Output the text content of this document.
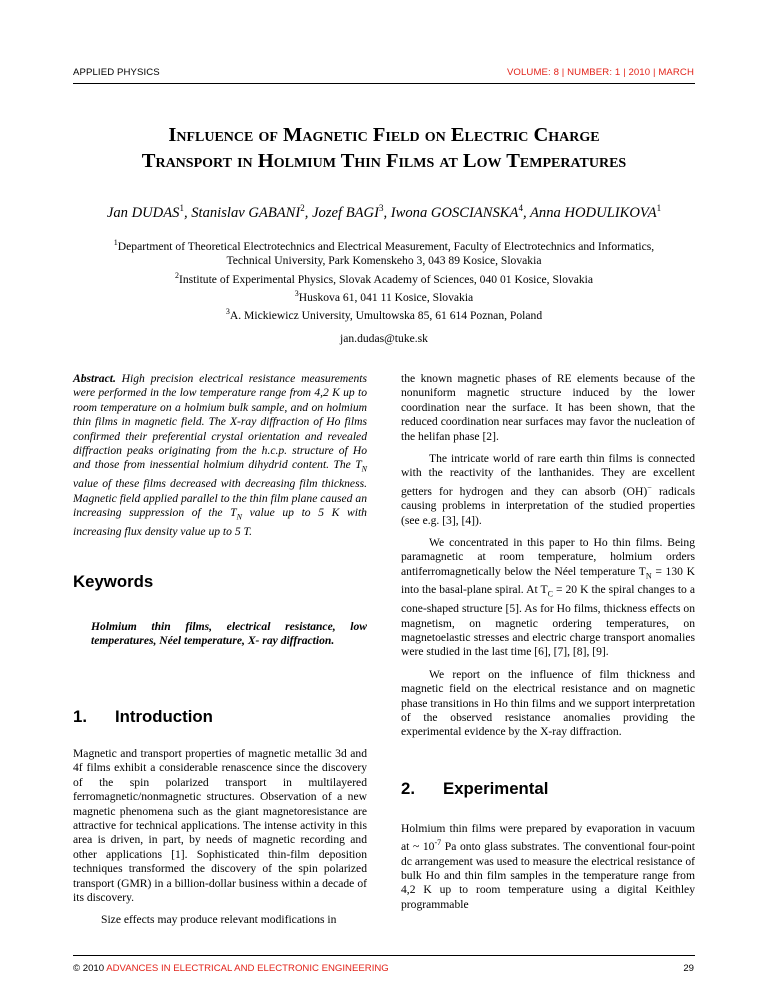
APPLIED PHYSICS	VOLUME: 8 | NUMBER: 1 | 2010 | MARCH
Influence of Magnetic Field on Electric Charge
Transport in Holmium Thin Films at Low Temperatures
Jan DUDAS$^1$, Stanislav GABANI$^2$, Jozef BAGI$^3$, Iwona GOSCIANSKA$^4$, Anna HODULIKOVA$^1$
$^1$Department of Theoretical Electrotechnics and Electrical Measurement, Faculty of Electrotechnics and Informatics,
Technical University, Park Komenskeho 3, 043 89 Kosice, Slovakia
$^2$Institute of Experimental Physics, Slovak Academy of Sciences, 040 01 Kosice, Slovakia
$^3$Huskova 61, 041 11 Kosice, Slovakia
$^3$A. Mickiewicz University, Umultowska 85, 61 614 Poznan, Poland
jan.dudas@tuke.sk
Abstract. High precision electrical resistance measurements were performed in the low temperature range from 4,2 K up to room temperature on a holmium bulk sample, and on holmium thin films in magnetic field. The X-ray diffraction of Ho films confirmed their preferential crystal orientation and revealed diffraction peaks originating from the h.c.p. structure of Ho and those from inessential holmium dihydrid content. The $T_N$ value of these films decreased with decreasing film thickness. Magnetic field applied parallel to the thin film plane caused an increasing suppression of the $T_N$ value up to 5 K with increasing flux density value up to 5 T.
Keywords
Holmium thin films, electrical resistance, low temperatures, Néel temperature, X- ray diffraction.
1. Introduction

Magnetic and transport properties of magnetic metallic 3d and 4f films exhibit a considerable renascence since the discovery of the spin polarized transport in multilayered ferromagnetic/nonmagnetic structures. Observation of a new magnetic phenomena such as the giant magnetoresistance are attractive for technical applications. The intense activity in this area is driven, in part, by needs of magnetic recording and other applications [1]. Sophisticated thin-film deposition techniques transformed the discovery of the spin polarized transport (GMR) in a billion-dollar business within a decade of its discovery.

Size effects may produce relevant modifications in

the known magnetic phases of RE elements because of the nonuniform magnetic structure induced by the lower coordination near the surface. It has been shown, that the reduced coordination near surfaces may favor the nucleation of the helifan phase [2].

The intricate world of rare earth thin films is connected with the reactivity of the lanthanides. They are excellent getters for hydrogen and they can absorb (OH)− radicals causing problems in interpretation of the studied properties (see e.g. [3], [4]).

We concentrated in this paper to Ho thin films. Being paramagnetic at room temperature, holmium orders antiferromagnetically below the Néel temperature $T_N = 130$ K into the basal-plane spiral. At $T_C = 20$ K the spiral changes to a cone-shaped structure [5]. As for Ho films, thickness effects on magnetism, on magnetic ordering temperatures, on magnetoelastic stresses and electric charge transport anomalies were studied in the last time [6], [7], [8], [9].

We report on the influence of film thickness and magnetic field on the electrical resistance and on magnetic phase transitions in Ho thin films and we support interpretation of the observed resistance anomalies providing the experimental evidence by the X-ray diffraction.

2. Experimental

Holmium thin films were prepared by evaporation in vacuum at ~ $10^{-7}$ Pa onto glass substrates. The conventional four-point dc arrangement was used to measure the electrical resistance of bulk Ho and thin film samples in the temperature range from 4,2 K up to room temperature using a digital Keithley programmable

© 2010 ADVANCES IN ELECTRICAL AND ELECTRONIC ENGINEERING	29
